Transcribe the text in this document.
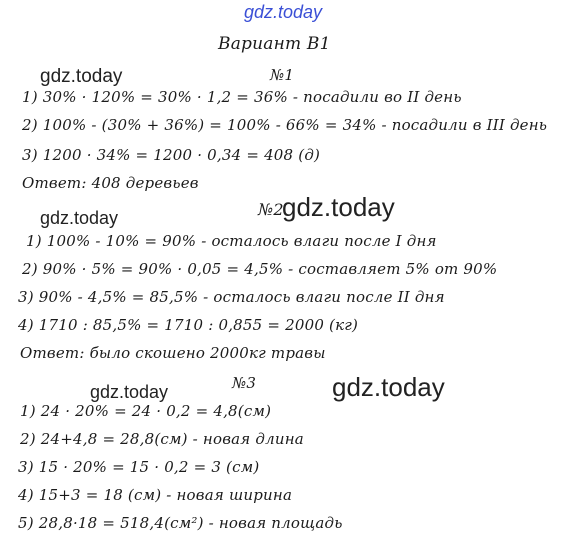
gdz.today
Вариант В1
№1
gdz.today
1) 30% · 120% = 30% · 1,2 = 36% - посадили во II день
2) 100% - (30% + 36%) = 100% - 66% = 34% - посадили в III день
3) 1200 · 34% = 1200 · 0,34 = 408 (д)
Ответ: 408 деревьев
gdz.today	№2
gdz.today
1) 100% - 10% = 90% - осталось влаги после I дня
2) 90% · 5% = 90% · 0,05 = 4,5% - составляет 5% от 90%
3) 90% - 4,5% = 85,5% - осталось влаги после II дня
4) 1710 : 85,5% = 1710 : 0,855 = 2000 (кг)
Ответ: было скошено 2000кг травы
№3
gdz.today	gdz.today
1) 24 · 20% = 24 · 0,2 = 4,8(см)
2) 24+4,8 = 28,8(см) - новая длина
3) 15 · 20% = 15 · 0,2 = 3 (см)
4) 15+3 = 18 (см) - новая ширина
5) 28,8·18 = 518,4(см²) - новая площадь
